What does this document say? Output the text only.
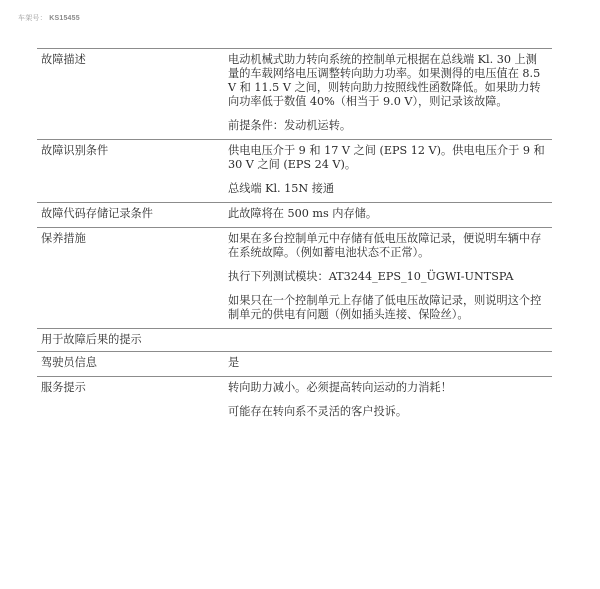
车架号： KS15455
故障描述		电动机械式助力转向系统的控制单元根据在总线端 Kl. 30 上测量的车载网络电压调整转向助力功率。如果测得的电压值在 8.5 V 和 11.5 V 之间，则转向助力按照线性函数降低。如果助力转向功率低于数值 40%（相当于 9.0 V），则记录该故障。

前提条件：发动机运转。

故障识别条件		供电电压介于 9 和 17 V 之间 (EPS 12 V)。供电电压介于 9 和 30 V 之间 (EPS 24 V)。

总线端 Kl. 15N 接通

故障代码存储记录条件		此故障将在 500 ms 内存储。

保养措施		如果在多台控制单元中存储有低电压故障记录，便说明车辆中存在系统故障。（例如蓄电池状态不正常）。

执行下列测试模块：AT3244_EPS_10_ÜGWI-UNTSPA

如果只在一个控制单元上存储了低电压故障记录，则说明这个控制单元的供电有问题（例如插头连接、保险丝）。

用于故障后果的提示		

驾驶员信息		是

服务提示		转向助力减小。必须提高转向运动的力消耗！

可能存在转向系不灵活的客户投诉。
